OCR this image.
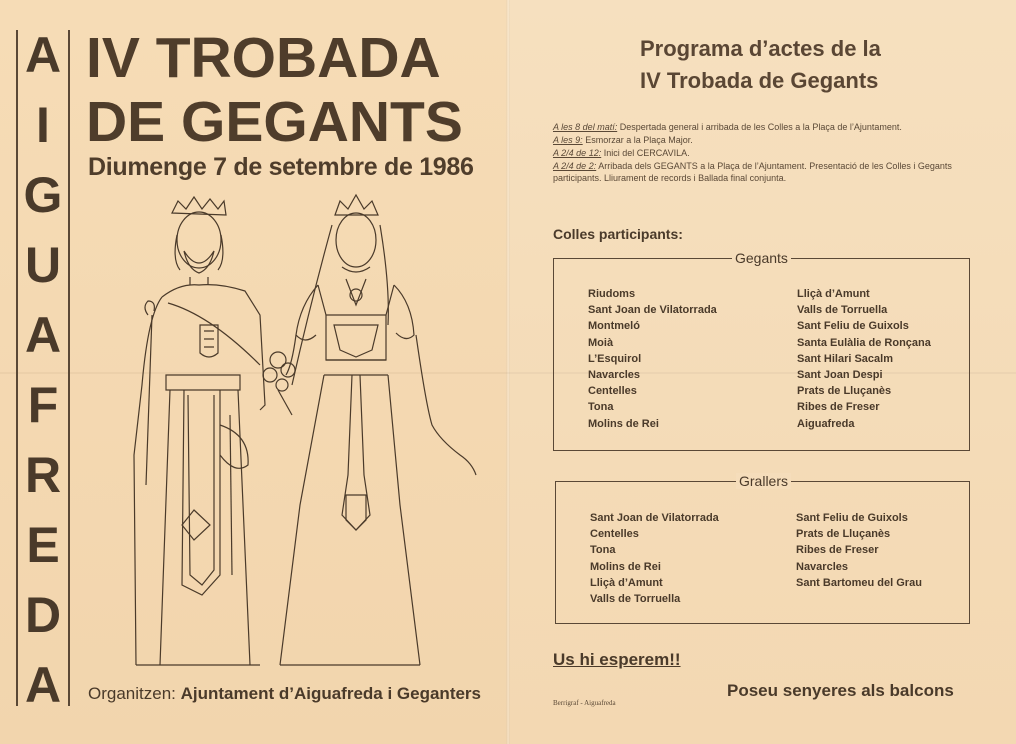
A
I
G
U
A
F
R
E
D
A
IV TROBADA
DE GEGANTS
Diumenge 7 de setembre de 1986
Organitzen: Ajuntament d’Aiguafreda i Geganters
Programa d’actes de la
IV Trobada de Gegants
A les 8 del matí: Despertada general i arribada de les Colles a la Plaça de l’Ajuntament.
A les 9: Esmorzar a la Plaça Major.
A 2/4 de 12: Inici del CERCAVILA.
A 2/4 de 2: Arribada dels GEGANTS a la Plaça de l’Ajuntament. Presentació de les Colles i Gegants participants. Lliurament de records i Ballada final conjunta.
Colles participants:
Gegants
Riudoms
Sant Joan de Vilatorrada
Montmeló
Moià
L’Esquirol
Navarcles
Centelles
Tona
Molins de Rei
Lliçà d’Amunt
Valls de Torruella
Sant Feliu de Guixols
Santa Eulàlia de Ronçana
Sant Hilari Sacalm
Sant Joan Despi
Prats de Lluçanès
Ribes de Freser
Aiguafreda
Grallers
Sant Joan de Vilatorrada
Centelles
Tona
Molins de Rei
Lliçà d’Amunt
Valls de Torruella
Sant Feliu de Guixols
Prats de Lluçanès
Ribes de Freser
Navarcles
Sant Bartomeu del Grau
Us hi esperem!!
Berrigraf - Aiguafreda
Poseu senyeres als balcons
